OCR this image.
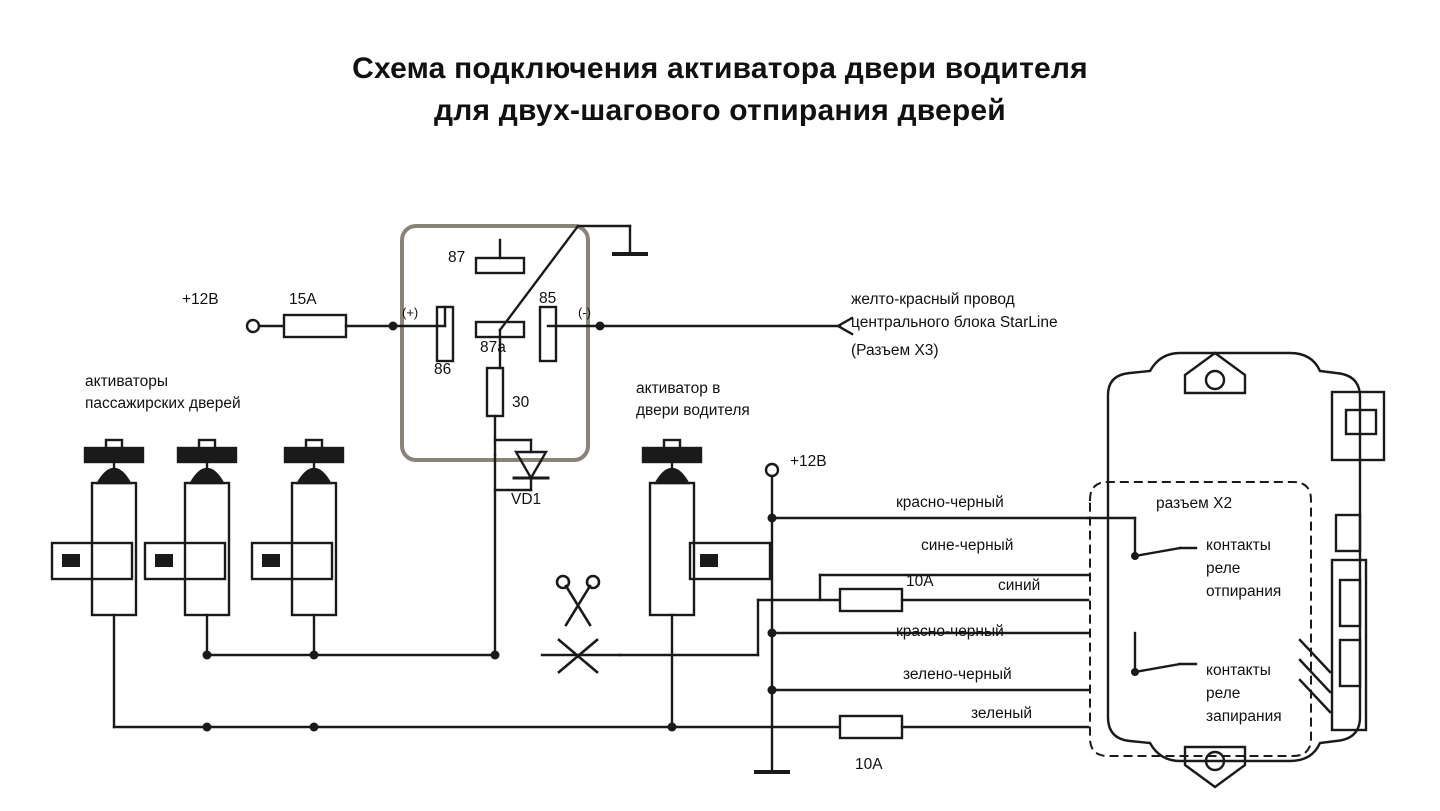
Схема подключения активатора двери водителя
для двух-шагового отпирания дверей
+12В	15А
87
87a
85
86
30
(+)	(-)
VD1
активаторы
пассажирских дверей
активатор в
двери водителя
желто-красный провод
центрального блока StarLine
(Разъем X3)
+12В
красно-черный
сине-черный
синий
красно-черный
зелено-черный
зеленый
10А
10А
разъем X2
контакты
реле
отпирания
контакты
реле
запирания
